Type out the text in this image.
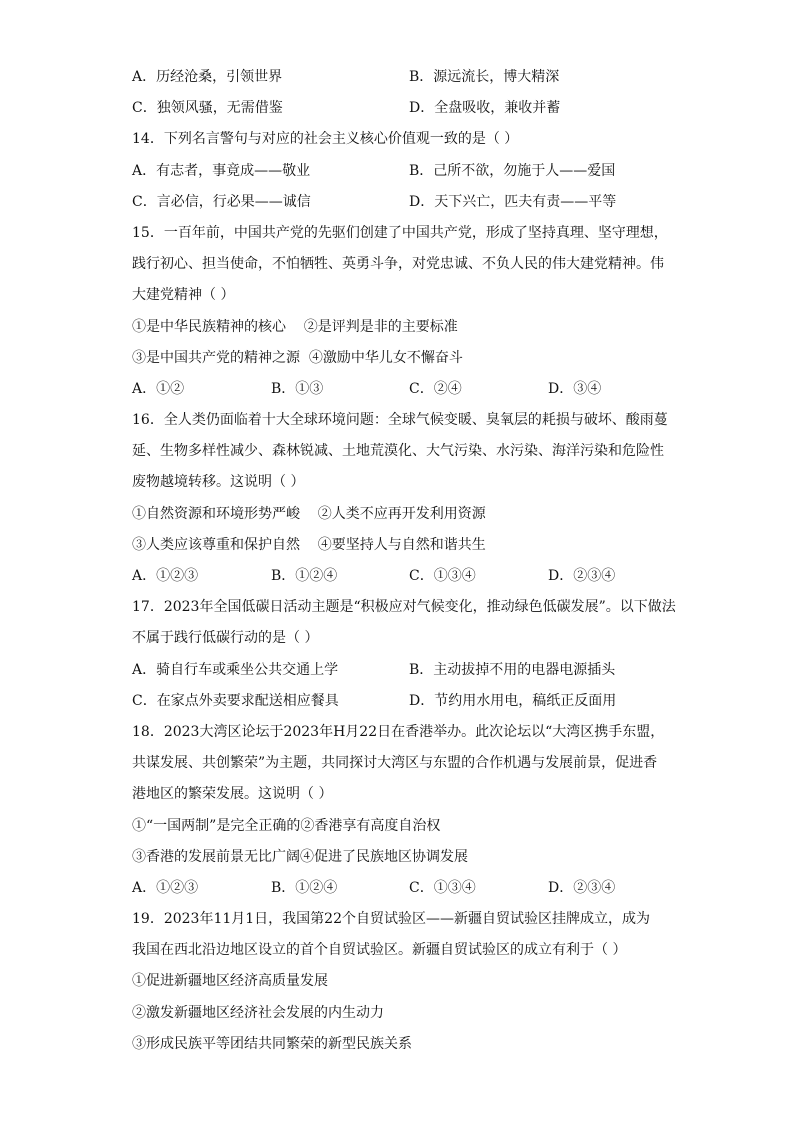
A．历经沧桑，引领世界	B．源远流长，博大精深
C．独领风骚，无需借鉴	D．全盘吸收，兼收并蓄
14．下列名言警句与对应的社会主义核心价值观一致的是（ ）
A．有志者，事竟成——敬业	B．己所不欲，勿施于人——爱国
C．言必信，行必果——诚信	D．天下兴亡，匹夫有责——平等
15．一百年前，中国共产党的先驱们创建了中国共产党，形成了坚持真理、坚守理想，
践行初心、担当使命，不怕牺牲、英勇斗争，对党忠诚、不负人民的伟大建党精神。伟
大建党精神（ ）
①是中华民族精神的核心    ②是评判是非的主要标准
③是中国共产党的精神之源  ④激励中华儿女不懈奋斗
A．①②	B．①③	C．②④	D．③④
16．全人类仍面临着十大全球环境问题：全球气候变暖、臭氧层的耗损与破坏、酸雨蔓
延、生物多样性减少、森林锐减、土地荒漠化、大气污染、水污染、海洋污染和危险性
废物越境转移。这说明（ ）
①自然资源和环境形势严峻    ②人类不应再开发利用资源
③人类应该尊重和保护自然    ④要坚持人与自然和谐共生
A．①②③	B．①②④	C．①③④	D．②③④
17．2023年全国低碳日活动主题是“积极应对气候变化，推动绿色低碳发展”。以下做法
不属于践行低碳行动的是（ ）
A．骑自行车或乘坐公共交通上学	B．主动拔掉不用的电器电源插头
C．在家点外卖要求配送相应餐具	D．节约用水用电，稿纸正反面用
18．2023大湾区论坛于2023年H月22日在香港举办。此次论坛以“大湾区携手东盟，
共谋发展、共创繁荣”为主题，共同探讨大湾区与东盟的合作机遇与发展前景，促进香
港地区的繁荣发展。这说明（ ）
①“一国两制”是完全正确的②香港享有高度自治权
③香港的发展前景无比广阔④促进了民族地区协调发展
A．①②③	B．①②④	C．①③④	D．②③④
19．2023年11月1日，我国第22个自贸试验区——新疆自贸试验区挂牌成立，成为
我国在西北沿边地区设立的首个自贸试验区。新疆自贸试验区的成立有利于（ ）
①促进新疆地区经济高质量发展
②激发新疆地区经济社会发展的内生动力
③形成民族平等团结共同繁荣的新型民族关系
